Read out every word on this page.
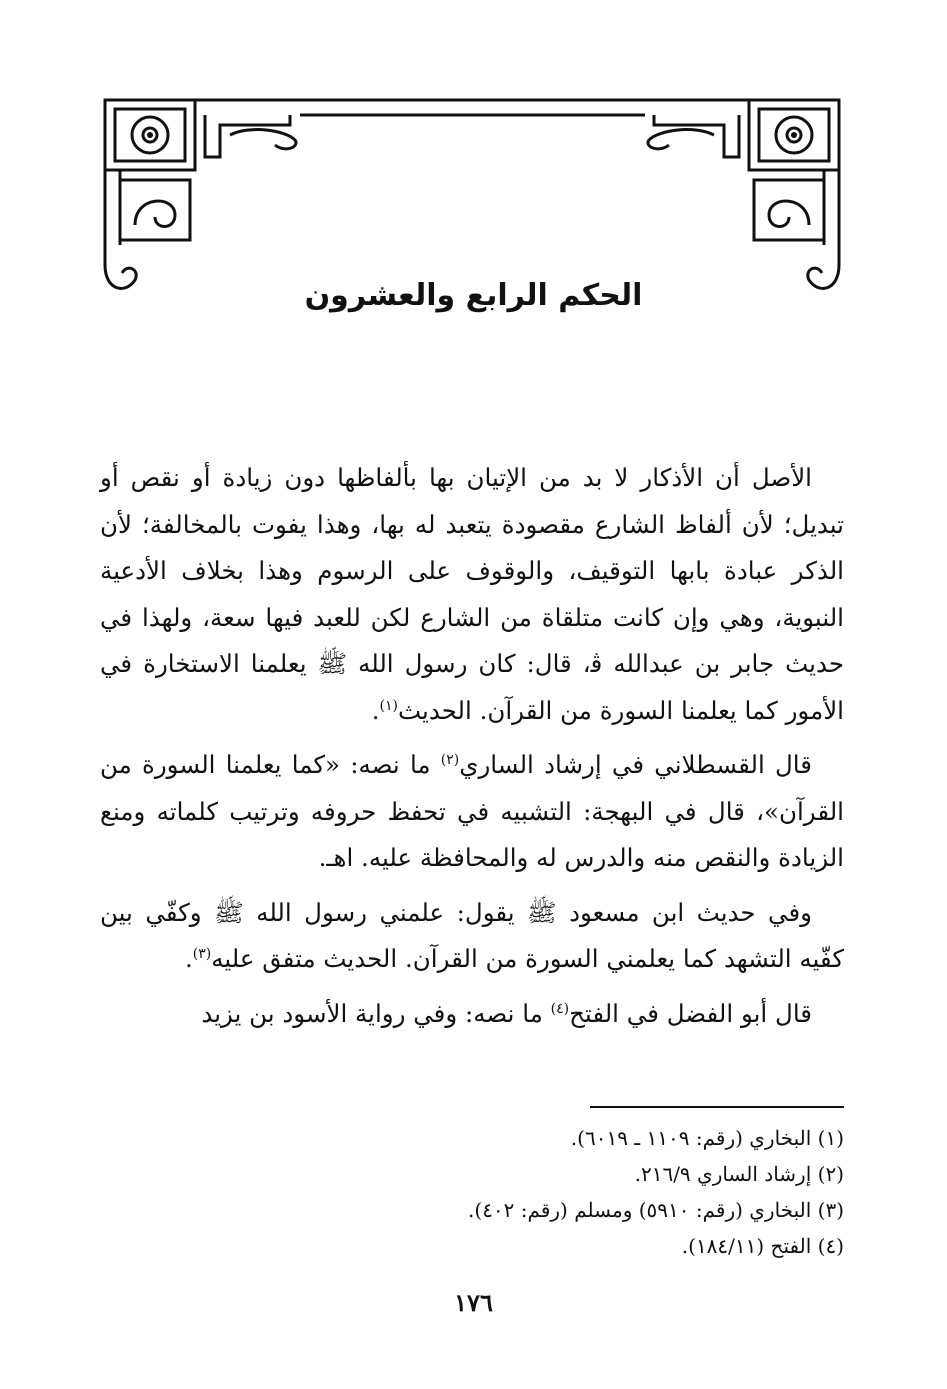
الحكم الرابع والعشرون

الأصل أن الأذكار لا بد من الإتيان بها بألفاظها دون زيادة أو نقص أو تبديل؛ لأن ألفاظ الشارع مقصودة يتعبد له بها، وهذا يفوت بالمخالفة؛ لأن الذكر عبادة بابها التوقيف، والوقوف على الرسوم وهذا بخلاف الأدعية النبوية، وهي وإن كانت متلقاة من الشارع لكن للعبد فيها سعة، ولهذا في حديث جابر بن عبدالله ﭬ، قال: كان رسول الله ﷺ يعلمنا الاستخارة في الأمور كما يعلمنا السورة من القرآن. الحديث$^{(١)}$.

قال القسطلاني في إرشاد الساري$^{(٢)}$ ما نصه: «كما يعلمنا السورة من القرآن»، قال في البهجة: التشبيه في تحفظ حروفه وترتيب كلماته ومنع الزيادة والنقص منه والدرس له والمحافظة عليه. اهـ.

وفي حديث ابن مسعود ﷺ يقول: علمني رسول الله ﷺ وكفّي بين كفّيه التشهد كما يعلمني السورة من القرآن. الحديث متفق عليه$^{(٣)}$.

قال أبو الفضل في الفتح$^{(٤)}$ ما نصه: وفي رواية الأسود بن يزيد

(١) البخاري (رقم: ١١٠٩ ـ ٦٠١٩).

(٢) إرشاد الساري ٢١٦/٩.

(٣) البخاري (رقم: ٥٩١٠) ومسلم (رقم: ٤٠٢).

(٤) الفتح (١٨٤/١١).

١٧٦
